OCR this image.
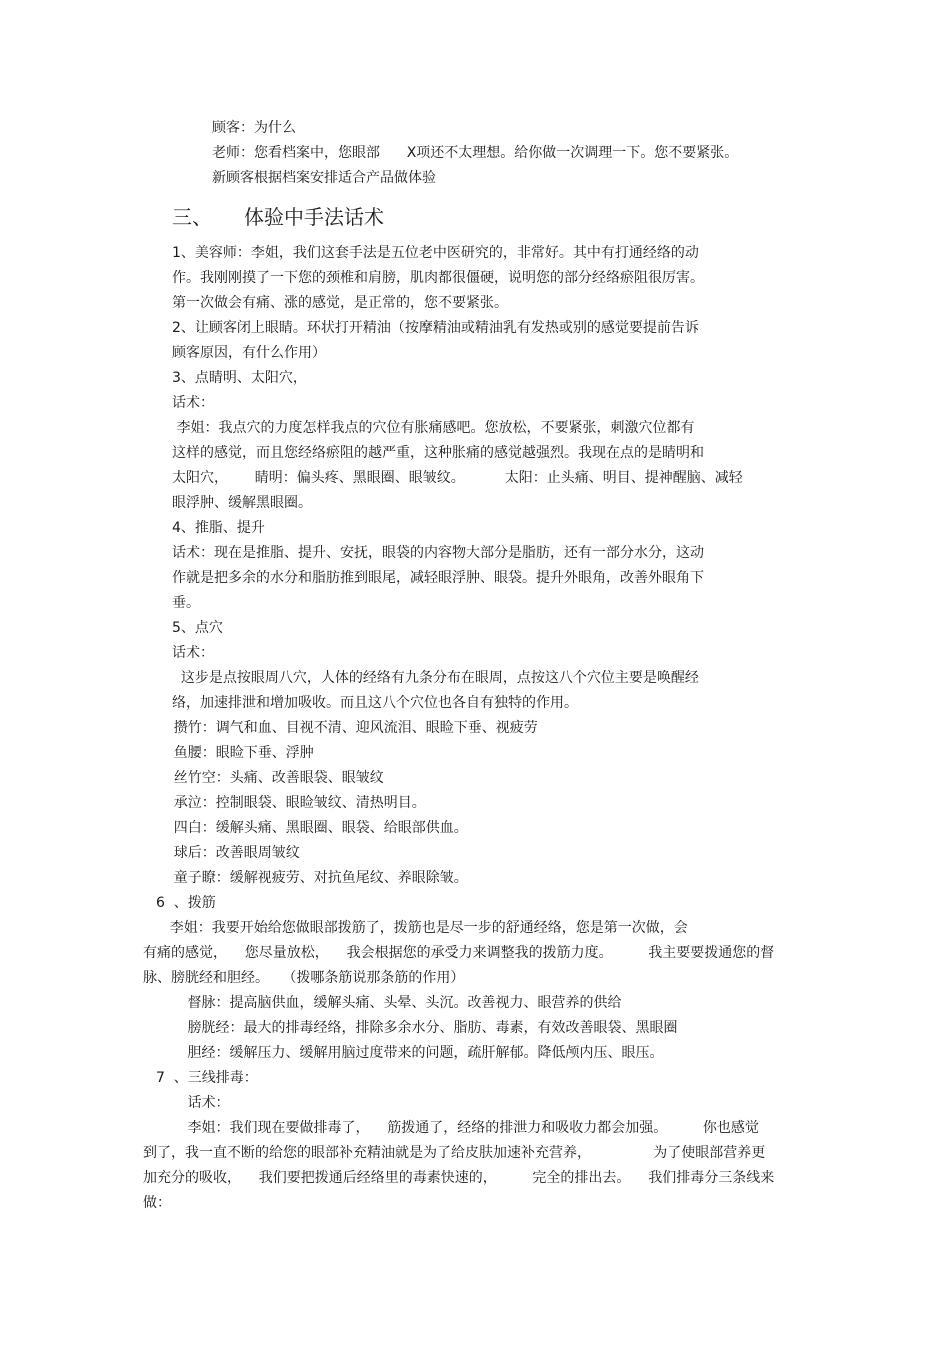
顾客：为什么
老师：您看档案中，您眼部      X项还不太理想。给你做一次调理一下。您不要紧张。
新顾客根据档案安排适合产品做体验
三、 体验中手法话术
1、美容师：李姐，我们这套手法是五位老中医研究的，非常好。其中有打通经络的动
作。我刚刚摸了一下您的颈椎和肩膀，肌肉都很僵硬，说明您的部分经络瘀阻很厉害。
第一次做会有痛、涨的感觉，是正常的，您不要紧张。
2、让顾客闭上眼睛。环状打开精油（按摩精油或精油乳有发热或别的感觉要提前告诉
顾客原因，有什么作用）
3、点睛明、太阳穴，
话术：
李姐：我点穴的力度怎样我点的穴位有胀痛感吧。您放松，不要紧张，刺激穴位都有
这样的感觉，而且您经络瘀阻的越严重，这种胀痛的感觉越强烈。我现在点的是睛明和
太阳穴，      睛明：偏头疼、黑眼圈、眼皱纹。         太阳：止头痛、明目、提神醒脑、减轻
眼浮肿、缓解黑眼圈。
4、推脂、提升
话术：现在是推脂、提升、安抚，眼袋的内容物大部分是脂肪，还有一部分水分，这动
作就是把多余的水分和脂肪推到眼尾，减轻眼浮肿、眼袋。提升外眼角，改善外眼角下
垂。
5、点穴
话术：
这步是点按眼周八穴，人体的经络有九条分布在眼周，点按这八个穴位主要是唤醒经
络，加速排泄和增加吸收。而且这八个穴位也各自有独特的作用。
攒竹：调气和血、目视不清、迎风流泪、眼睑下垂、视疲劳
鱼腰：眼睑下垂、浮肿
丝竹空：头痛、改善眼袋、眼皱纹
承泣：控制眼袋、眼睑皱纹、清热明目。
四白：缓解头痛、黑眼圈、眼袋、给眼部供血。
球后：改善眼周皱纹
童子瞭：缓解视疲劳、对抗鱼尾纹、养眼除皱。
6  、拨筋
李姐：我要开始给您做眼部拨筋了，拨筋也是尽一步的舒通经络，您是第一次做，会
有痛的感觉，    您尽量放松，    我会根据您的承受力来调整我的拨筋力度。        我主要要拨通您的督
脉、膀胱经和胆经。   （拨哪条筋说那条筋的作用）
督脉：提高脑供血，缓解头痛、头晕、头沉。改善视力、眼营养的供给
膀胱经：最大的排毒经络，排除多余水分、脂肪、毒素，有效改善眼袋、黑眼圈
胆经：缓解压力、缓解用脑过度带来的问题，疏肝解郁。降低颅内压、眼压。
7  、三线排毒：
话术：
李姐：我们现在要做排毒了，    筋拨通了，经络的排泄力和吸收力都会加强。        你也感觉
到了，我一直不断的给您的眼部补充精油就是为了给皮肤加速补充营养，              为了使眼部营养更
加充分的吸收，    我们要把拨通后经络里的毒素快速的，        完全的排出去。    我们排毒分三条线来
做：
